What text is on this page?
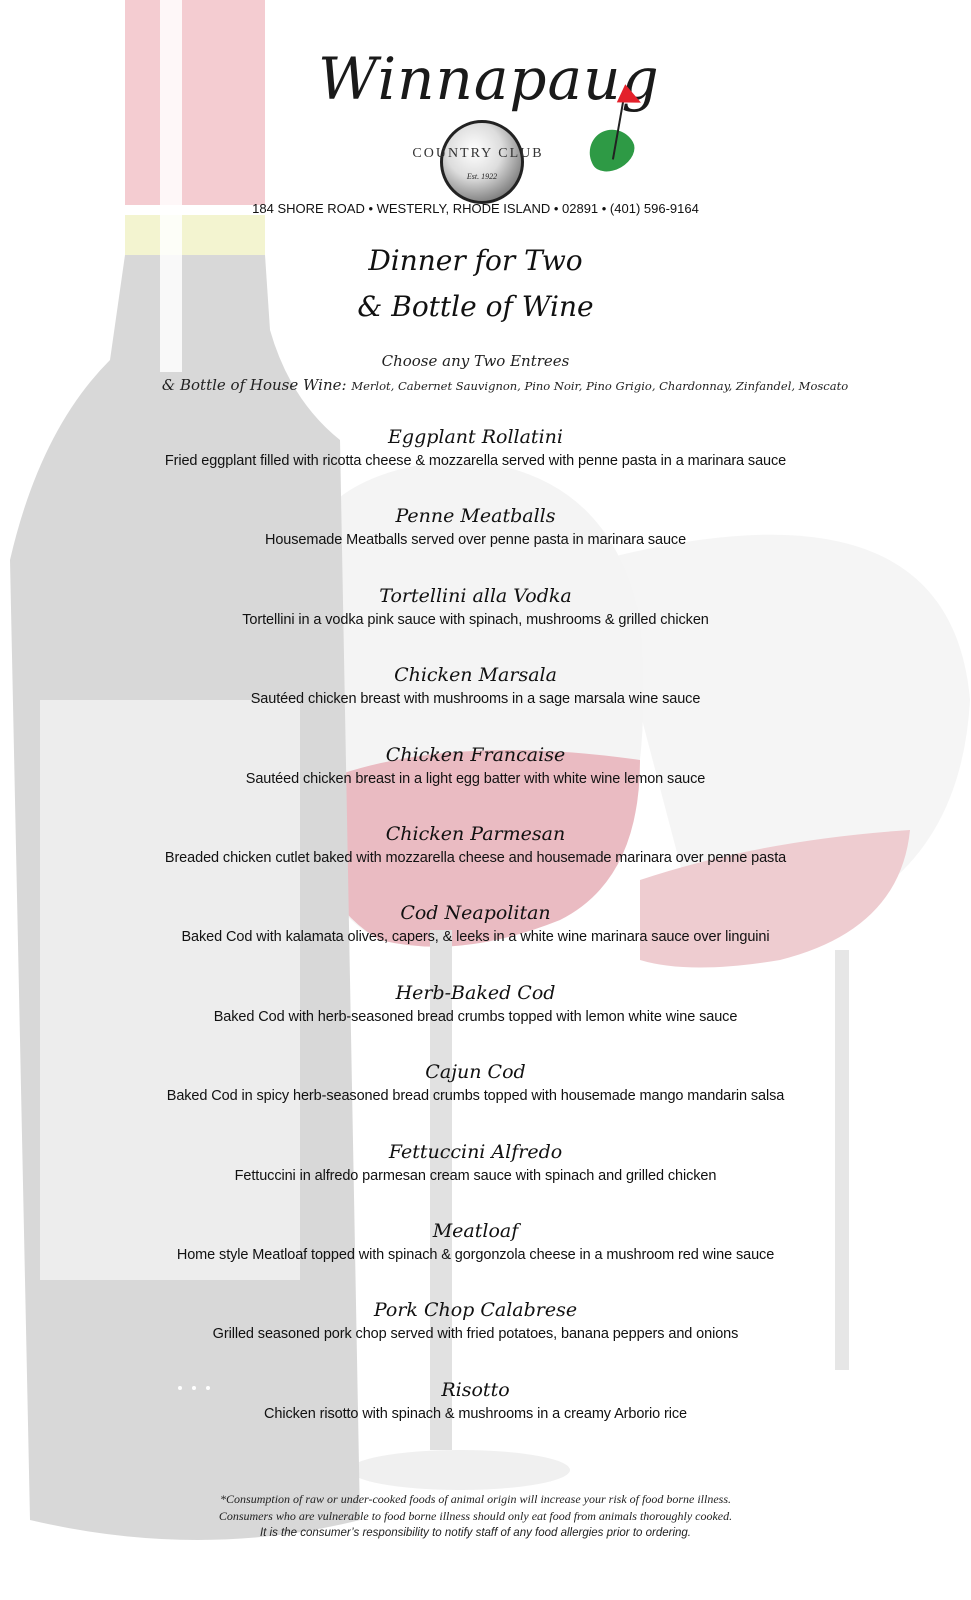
Winnapaug
COUNTRY CLUB
Est. 1922
184 SHORE ROAD • WESTERLY, RHODE ISLAND • 02891 • (401) 596-9164
Dinner for Two
& Bottle of Wine
Choose any Two Entrees
& Bottle of House Wine: Merlot, Cabernet Sauvignon, Pino Noir, Pino Grigio, Chardonnay, Zinfandel, Moscato
Eggplant Rollatini
Fried eggplant filled with ricotta cheese & mozzarella served with penne pasta in a marinara sauce
Penne Meatballs
Housemade Meatballs served over penne pasta in marinara sauce
Tortellini alla Vodka
Tortellini in a vodka pink sauce with spinach, mushrooms & grilled chicken
Chicken Marsala
Sautéed chicken breast with mushrooms in a sage marsala wine sauce
Chicken Francaise
Sautéed chicken breast in a light egg batter with white wine lemon sauce
Chicken Parmesan
Breaded chicken cutlet baked with mozzarella cheese and housemade marinara over penne pasta
Cod Neapolitan
Baked Cod with kalamata olives, capers, & leeks in a white wine marinara sauce over linguini
Herb-Baked Cod
Baked Cod with herb-seasoned bread crumbs topped with lemon white wine sauce
Cajun Cod
Baked Cod in spicy herb-seasoned bread crumbs topped with housemade mango mandarin salsa
Fettuccini Alfredo
Fettuccini in alfredo parmesan cream sauce with spinach and grilled chicken
Meatloaf
Home style Meatloaf topped with spinach & gorgonzola cheese in a mushroom red wine sauce
Pork Chop Calabrese
Grilled seasoned pork chop served with fried potatoes, banana peppers and onions
Risotto
Chicken risotto with spinach & mushrooms in a creamy Arborio rice
*Consumption of raw or under-cooked foods of animal origin will increase your risk of food borne illness.
Consumers who are vulnerable to food borne illness should only eat food from animals thoroughly cooked.
It is the consumer’s responsibility to notify staff of any food allergies prior to ordering.
